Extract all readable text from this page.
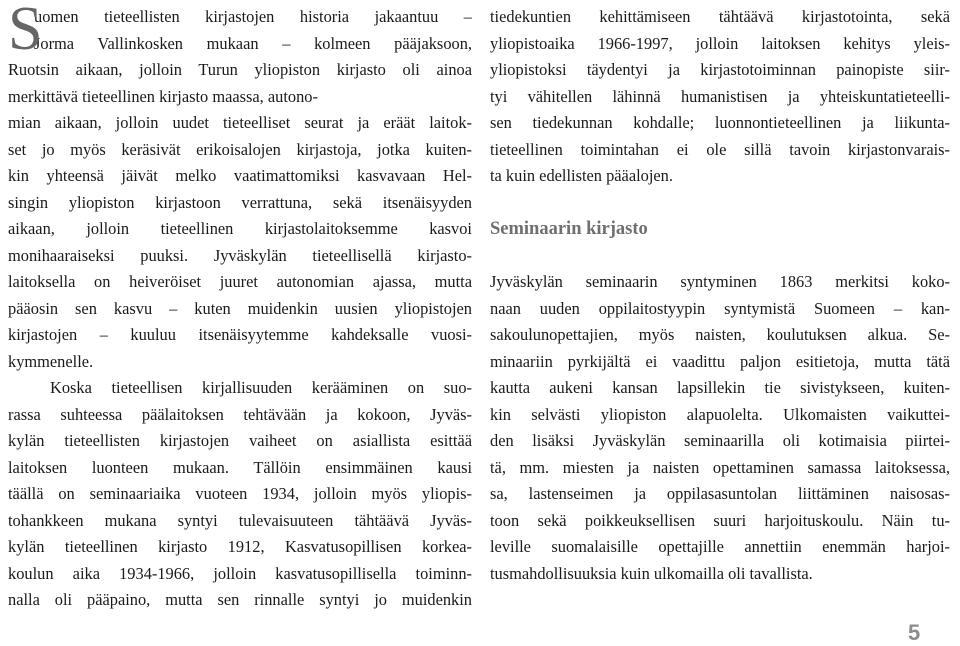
S
uomen tieteellisten kirjastojen historia jakaantuu –
Jorma Vallinkosken mukaan – kolmeen pääjaksoon,
Ruotsin aikaan, jolloin Turun yliopiston kirjasto oli ainoa
merkittävä tieteellinen kirjasto maassa, autono-
mian aikaan, jolloin uudet tieteelliset seurat ja eräät laitok-
set jo myös keräsivät erikoisalojen kirjastoja, jotka kuiten-
kin yhteensä jäivät melko vaatimattomiksi kasvavaan Hel-
singin yliopiston kirjastoon verrattuna, sekä itsenäisyyden
aikaan, jolloin tieteellinen kirjastolaitoksemme kasvoi
monihaaraiseksi puuksi. Jyväskylän tieteellisellä kirjasto-
laitoksella on heiveröiset juuret autonomian ajassa, mutta
pääosin sen kasvu – kuten muidenkin uusien yliopistojen
kirjastojen – kuuluu itsenäisyytemme kahdeksalle vuosi-
kymmenelle.
Koska tieteellisen kirjallisuuden kerääminen on suo-
rassa suhteessa päälaitoksen tehtävään ja kokoon, Jyväs-
kylän tieteellisten kirjastojen vaiheet on asiallista esittää
laitoksen luonteen mukaan. Tällöin ensimmäinen kausi
täällä on seminaariaika vuoteen 1934, jolloin myös yliopis-
tohankkeen mukana syntyi tulevaisuuteen tähtäävä Jyväs-
kylän tieteellinen kirjasto 1912, Kasvatusopillisen korkea-
koulun aika 1934-1966, jolloin kasvatusopillisella toiminn-
nalla oli pääpaino, mutta sen rinnalle syntyi jo muidenkin
tiedekuntien kehittämiseen tähtäävä kirjastotointa, sekä
yliopistoaika 1966-1997, jolloin laitoksen kehitys yleis-
yliopistoksi täydentyi ja kirjastotoiminnan painopiste siir-
tyi vähitellen lähinnä humanistisen ja yhteiskuntatieteelli-
sen tiedekunnan kohdalle; luonnontieteellinen ja liikunta-
tieteellinen toimintahan ei ole sillä tavoin kirjastonvarais-
ta kuin edellisten pääalojen.
Seminaarin kirjasto
Jyväskylän seminaarin syntyminen 1863 merkitsi koko-
naan uuden oppilaitostyypin syntymistä Suomeen – kan-
sakoulunopettajien, myös naisten, koulutuksen alkua. Se-
minaariin pyrkijältä ei vaadittu paljon esitietoja, mutta tätä
kautta aukeni kansan lapsillekin tie sivistykseen, kuiten-
kin selvästi yliopiston alapuolelta. Ulkomaisten vaikuttei-
den lisäksi Jyväskylän seminaarilla oli kotimaisia piirtei-
tä, mm. miesten ja naisten opettaminen samassa laitoksessa,
sa, lastenseimen ja oppilasasuntolan liittäminen naisosas-
toon sekä poikkeuksellisen suuri harjoituskoulu. Näin tu-
leville suomalaisille opettajille annettiin enemmän harjoi-
tusmahdollisuuksia kuin ulkomailla oli tavallista.
5
